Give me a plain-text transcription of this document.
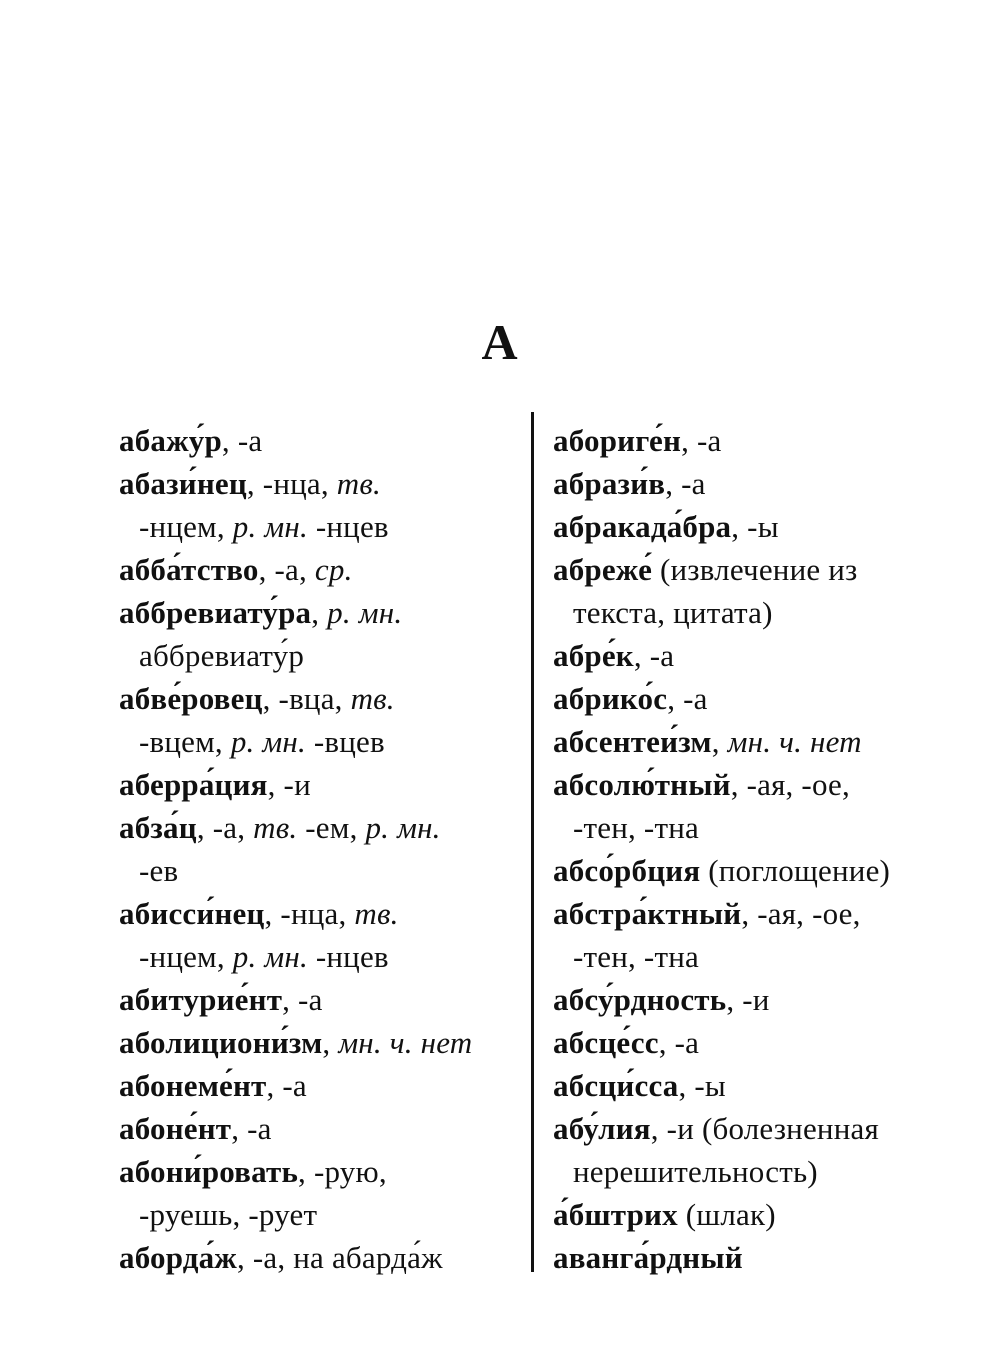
А
абажу́р, -а
абази́нец, -нца, тв.
-нцем, р. мн. -нцев
абба́тство, -а, ср.
аббревиату́ра, р. мн.
аббревиату́р
абве́ровец, -вца, тв.
-вцем, р. мн. -вцев
аберра́ция, -и
абза́ц, -а, тв. -ем, р. мн.
-ев
абисси́нец, -нца, тв.
-нцем, р. мн. -нцев
абитурие́нт, -а
аболициони́зм, мн. ч. нет
абонеме́нт, -а
абоне́нт, -а
абони́ровать, -рую,
-руешь, -рует
аборда́ж, -а, на абарда́ж
абориге́н, -а
абрази́в, -а
абракада́бра, -ы
абреже́ (извлечение из
текста, цитата)
абре́к, -а
абрико́с, -а
абсентеи́зм, мн. ч. нет
абсолю́тный, -ая, -ое,
-тен, -тна
абсо́рбция (поглощение)
абстра́ктный, -ая, -ое,
-тен, -тна
абсу́рдность, -и
абсце́сс, -а
абсци́сса, -ы
абу́лия, -и (болезненная
нерешительность)
а́бштрих (шлак)
аванга́рдный
